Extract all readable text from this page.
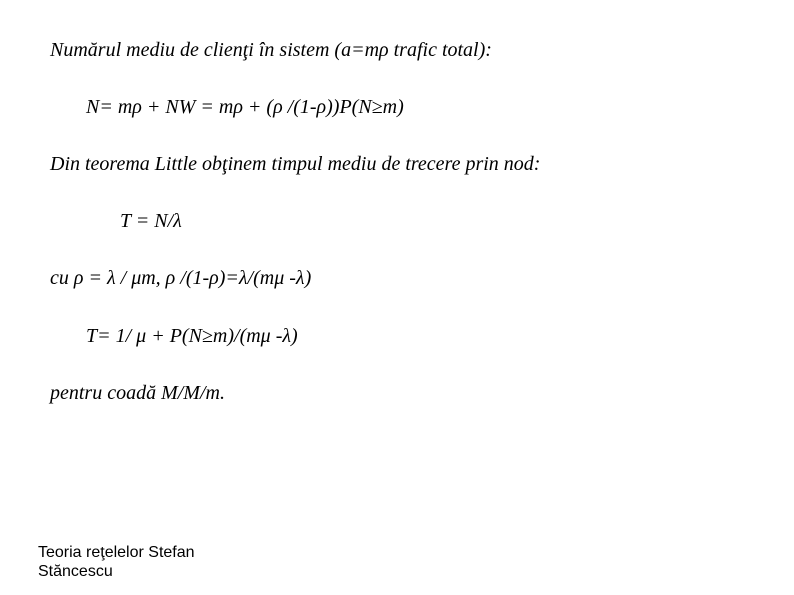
Numărul mediu de clienţi în sistem (a=mρ trafic total):
N= mρ + NW = mρ + (ρ /(1-ρ))P(N≥m)
Din teorema Little obţinem timpul mediu de trecere prin nod:
T = N/λ
cu ρ = λ / μm, ρ /(1-ρ)=λ/(mμ -λ)
T= 1/ μ + P(N≥m)/(mμ -λ)
pentru coadă M/M/m.
Teoria reţelelor Stefan Stăncescu
